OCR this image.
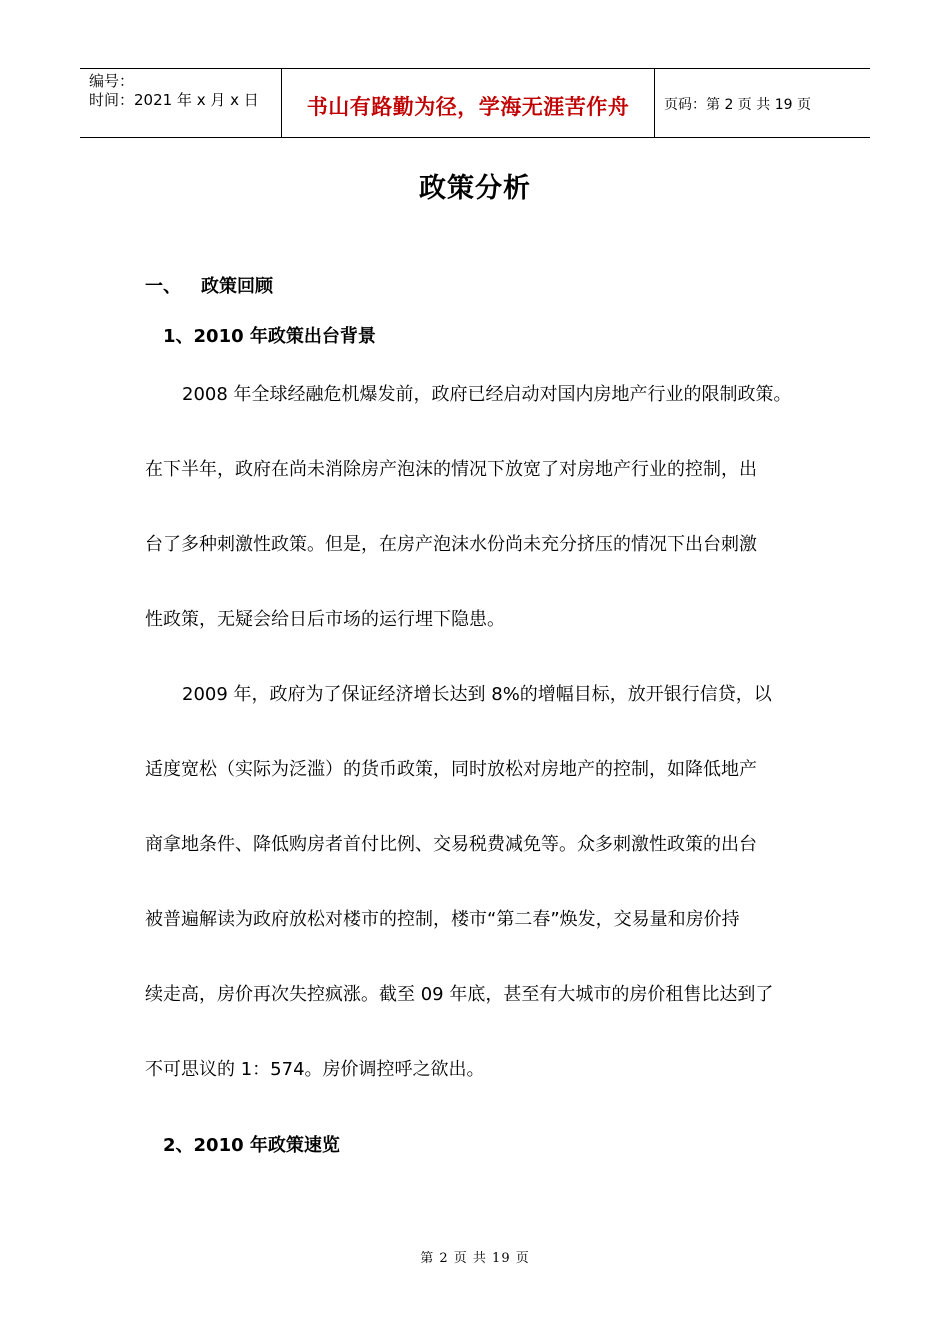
编号：
时间：2021 年 x 月 x 日	书山有路勤为径，学海无涯苦作舟	页码：第 2 页 共 19 页
政策分析
一、 政策回顾
1、2010 年政策出台背景

2008 年全球经融危机爆发前，政府已经启动对国内房地产行业的限制政策。

在下半年，政府在尚未消除房产泡沫的情况下放宽了对房地产行业的控制，出

台了多种刺激性政策。但是，在房产泡沫水份尚未充分挤压的情况下出台刺激

性政策，无疑会给日后市场的运行埋下隐患。

2009 年，政府为了保证经济增长达到 8%的增幅目标，放开银行信贷，以

适度宽松（实际为泛滥）的货币政策，同时放松对房地产的控制，如降低地产

商拿地条件、降低购房者首付比例、交易税费减免等。众多刺激性政策的出台

被普遍解读为政府放松对楼市的控制，楼市“第二春”焕发，交易量和房价持

续走高，房价再次失控疯涨。截至 09 年底，甚至有大城市的房价租售比达到了

不可思议的 1：574。房价调控呼之欲出。

2、2010 年政策速览
第 2 页 共 19 页
